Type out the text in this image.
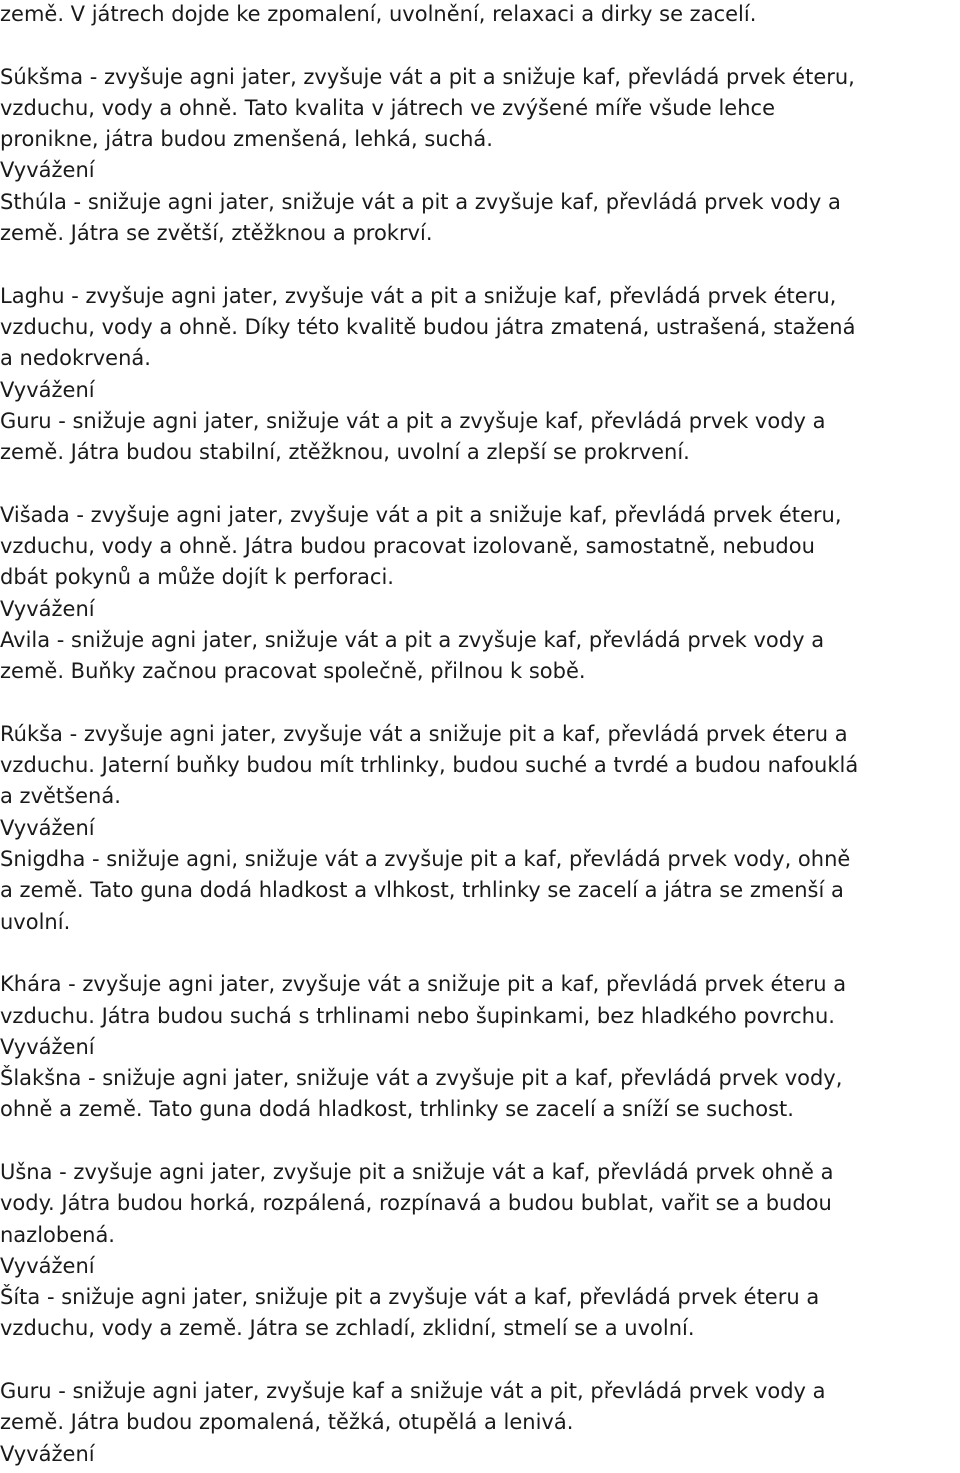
země. V játrech dojde ke zpomalení, uvolnění, relaxaci a dirky se zacelí.
Súkšma - zvyšuje agni jater, zvyšuje vát a pit a snižuje kaf, převládá prvek éteru,
vzduchu, vody a ohně. Tato kvalita v játrech ve zvýšené míře všude lehce
pronikne, játra budou zmenšená, lehká, suchá.
Vyvážení
Sthúla - snižuje agni jater, snižuje vát a pit a zvyšuje kaf, převládá prvek vody a
země. Játra se zvětší, ztěžknou a prokrví.
Laghu - zvyšuje agni jater, zvyšuje vát a pit a snižuje kaf, převládá prvek éteru,
vzduchu, vody a ohně. Díky této kvalitě budou játra zmatená, ustrašená, stažená
a nedokrvená.
Vyvážení
Guru - snižuje agni jater, snižuje vát a pit a zvyšuje kaf, převládá prvek vody a
země. Játra budou stabilní, ztěžknou, uvolní a zlepší se prokrvení.
Višada - zvyšuje agni jater, zvyšuje vát a pit a snižuje kaf, převládá prvek éteru,
vzduchu, vody a ohně. Játra budou pracovat izolovaně, samostatně, nebudou
dbát pokynů a může dojít k perforaci.
Vyvážení
Avila - snižuje agni jater, snižuje vát a pit a zvyšuje kaf, převládá prvek vody a
země. Buňky začnou pracovat společně, přilnou k sobě.
Rúkša - zvyšuje agni jater, zvyšuje vát a snižuje pit a kaf, převládá prvek éteru a
vzduchu. Jaterní buňky budou mít trhlinky, budou suché a tvrdé a budou nafouklá
a zvětšená.
Vyvážení
Snigdha - snižuje agni, snižuje vát a zvyšuje pit a kaf, převládá prvek vody, ohně
a země. Tato guna dodá hladkost a vlhkost, trhlinky se zacelí a játra se zmenší a
uvolní.
Khára - zvyšuje agni jater, zvyšuje vát a snižuje pit a kaf, převládá prvek éteru a
vzduchu. Játra budou suchá s trhlinami nebo šupinkami, bez hladkého povrchu.
Vyvážení
Šlakšna - snižuje agni jater, snižuje vát a zvyšuje pit a kaf, převládá prvek vody,
ohně a země. Tato guna dodá hladkost, trhlinky se zacelí a sníží se suchost.
Ušna - zvyšuje agni jater, zvyšuje pit a snižuje vát a kaf, převládá prvek ohně a
vody. Játra budou horká, rozpálená, rozpínavá a budou bublat, vařit se a budou
nazlobená.
Vyvážení
Šíta - snižuje agni jater, snižuje pit a zvyšuje vát a kaf, převládá prvek éteru a
vzduchu, vody a země. Játra se zchladí, zklidní, stmelí se a uvolní.
Guru - snižuje agni jater, zvyšuje kaf a snižuje vát a pit, převládá prvek vody a
země. Játra budou zpomalená, těžká, otupělá a lenivá.
Vyvážení
